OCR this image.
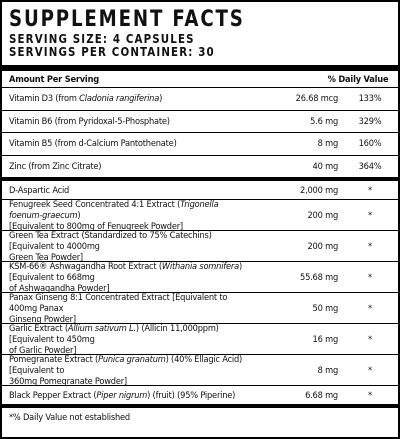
SUPPLEMENT FACTS
SERVING SIZE: 4 CAPSULES
SERVINGS PER CONTAINER: 30
Amount Per Serving	% Daily Value
Vitamin D3 (from Cladonia rangiferina)	26.68 mcg	133%
Vitamin B6 (from Pyridoxal-5-Phosphate)	5.6 mg	329%
Vitamin B5 (from d-Calcium Pantothenate)	8 mg	160%
Zinc (from Zinc Citrate)	40 mg	364%
D-Aspartic Acid	2,000 mg	*
Fenugreek Seed Concentrated 4:1 Extract (Trigonella foenum-graecum)
[Equivalent to 800mg of Fenugreek Powder]
200 mg	*
Green Tea Extract (Standardized to 75% Catechins) [Equivalent to 4000mg
Green Tea Powder]
200 mg	*
KSM-66® Ashwagandha Root Extract (Withania somnifera) [Equivalent to 668mg
of Ashwagandha Powder]
55.68 mg	*
Panax Ginseng 8:1 Concentrated Extract [Equivalent to 400mg Panax
Ginseng Powder]
50 mg	*
Garlic Extract (Allium sativum L.) (Allicin 11,000ppm) [Equivalent to 450mg
of Garlic Powder]
16 mg	*
Pomegranate Extract (Punica granatum) (40% Ellagic Acid) [Equivalent to
360mg Pomegranate Powder]
8 mg	*
Black Pepper Extract (Piper nigrum) (fruit) (95% Piperine)	6.68 mg	*
*% Daily Value not established
